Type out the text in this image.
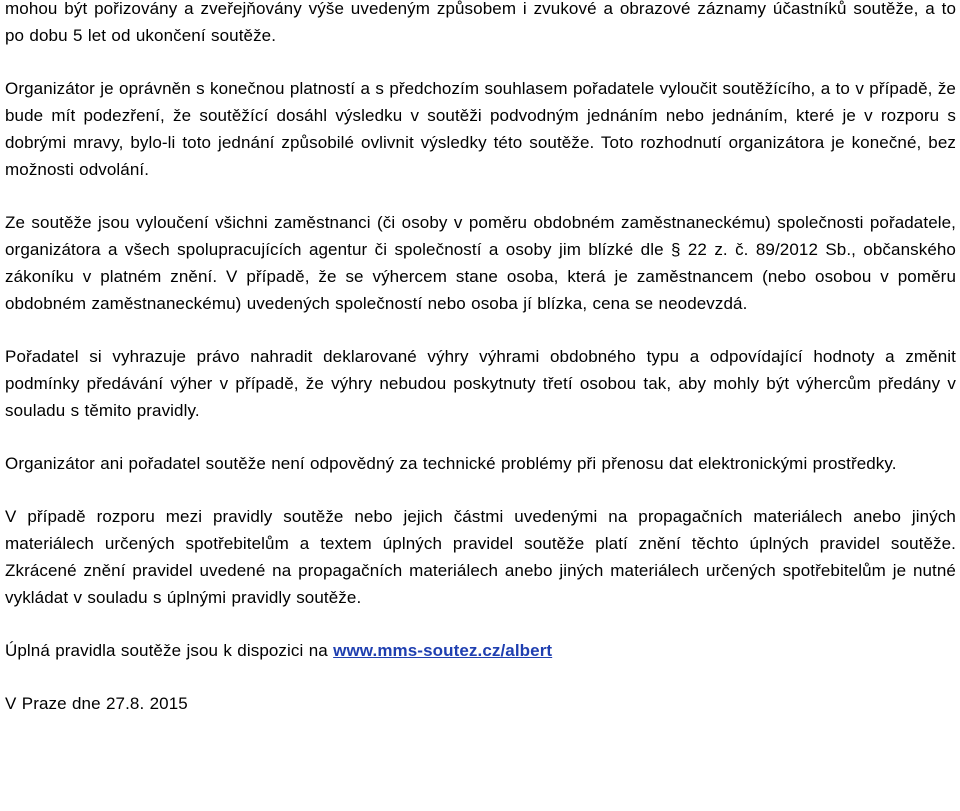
mohou být pořizovány a zveřejňovány výše uvedeným způsobem i zvukové a obrazové záznamy účastníků soutěže, a to po dobu 5 let od ukončení soutěže.

Organizátor je oprávněn s konečnou platností a s předchozím souhlasem pořadatele vyloučit soutěžícího, a to v případě, že bude mít podezření, že soutěžící dosáhl výsledku v soutěži podvodným jednáním nebo jednáním, které je v rozporu s dobrými mravy, bylo-li toto jednání způsobilé ovlivnit výsledky této soutěže. Toto rozhodnutí organizátora je konečné, bez možnosti odvolání.

Ze soutěže jsou vyloučení všichni zaměstnanci (či osoby v poměru obdobném zaměstnaneckému) společnosti pořadatele, organizátora a všech spolupracujících agentur či společností a osoby jim blízké dle § 22 z. č. 89/2012 Sb., občanského zákoníku v platném znění. V případě, že se výhercem stane osoba, která je zaměstnancem (nebo osobou v poměru obdobném zaměstnaneckému) uvedených společností nebo osoba jí blízka, cena se neodevzdá.

Pořadatel si vyhrazuje právo nahradit deklarované výhry výhrami obdobného typu a odpovídající hodnoty a změnit podmínky předávání výher v případě, že výhry nebudou poskytnuty třetí osobou tak, aby mohly být výhercům předány v souladu s těmito pravidly.

Organizátor ani pořadatel soutěže není odpovědný za technické problémy při přenosu dat elektronickými prostředky.

V případě rozporu mezi pravidly soutěže nebo jejich částmi uvedenými na propagačních materiálech anebo jiných materiálech určených spotřebitelům a textem úplných pravidel soutěže platí znění těchto úplných pravidel soutěže. Zkrácené znění pravidel uvedené na propagačních materiálech anebo jiných materiálech určených spotřebitelům je nutné vykládat v souladu s úplnými pravidly soutěže.

Úplná pravidla soutěže jsou k dispozici na www.mms-soutez.cz/albert

V Praze dne 27.8. 2015
